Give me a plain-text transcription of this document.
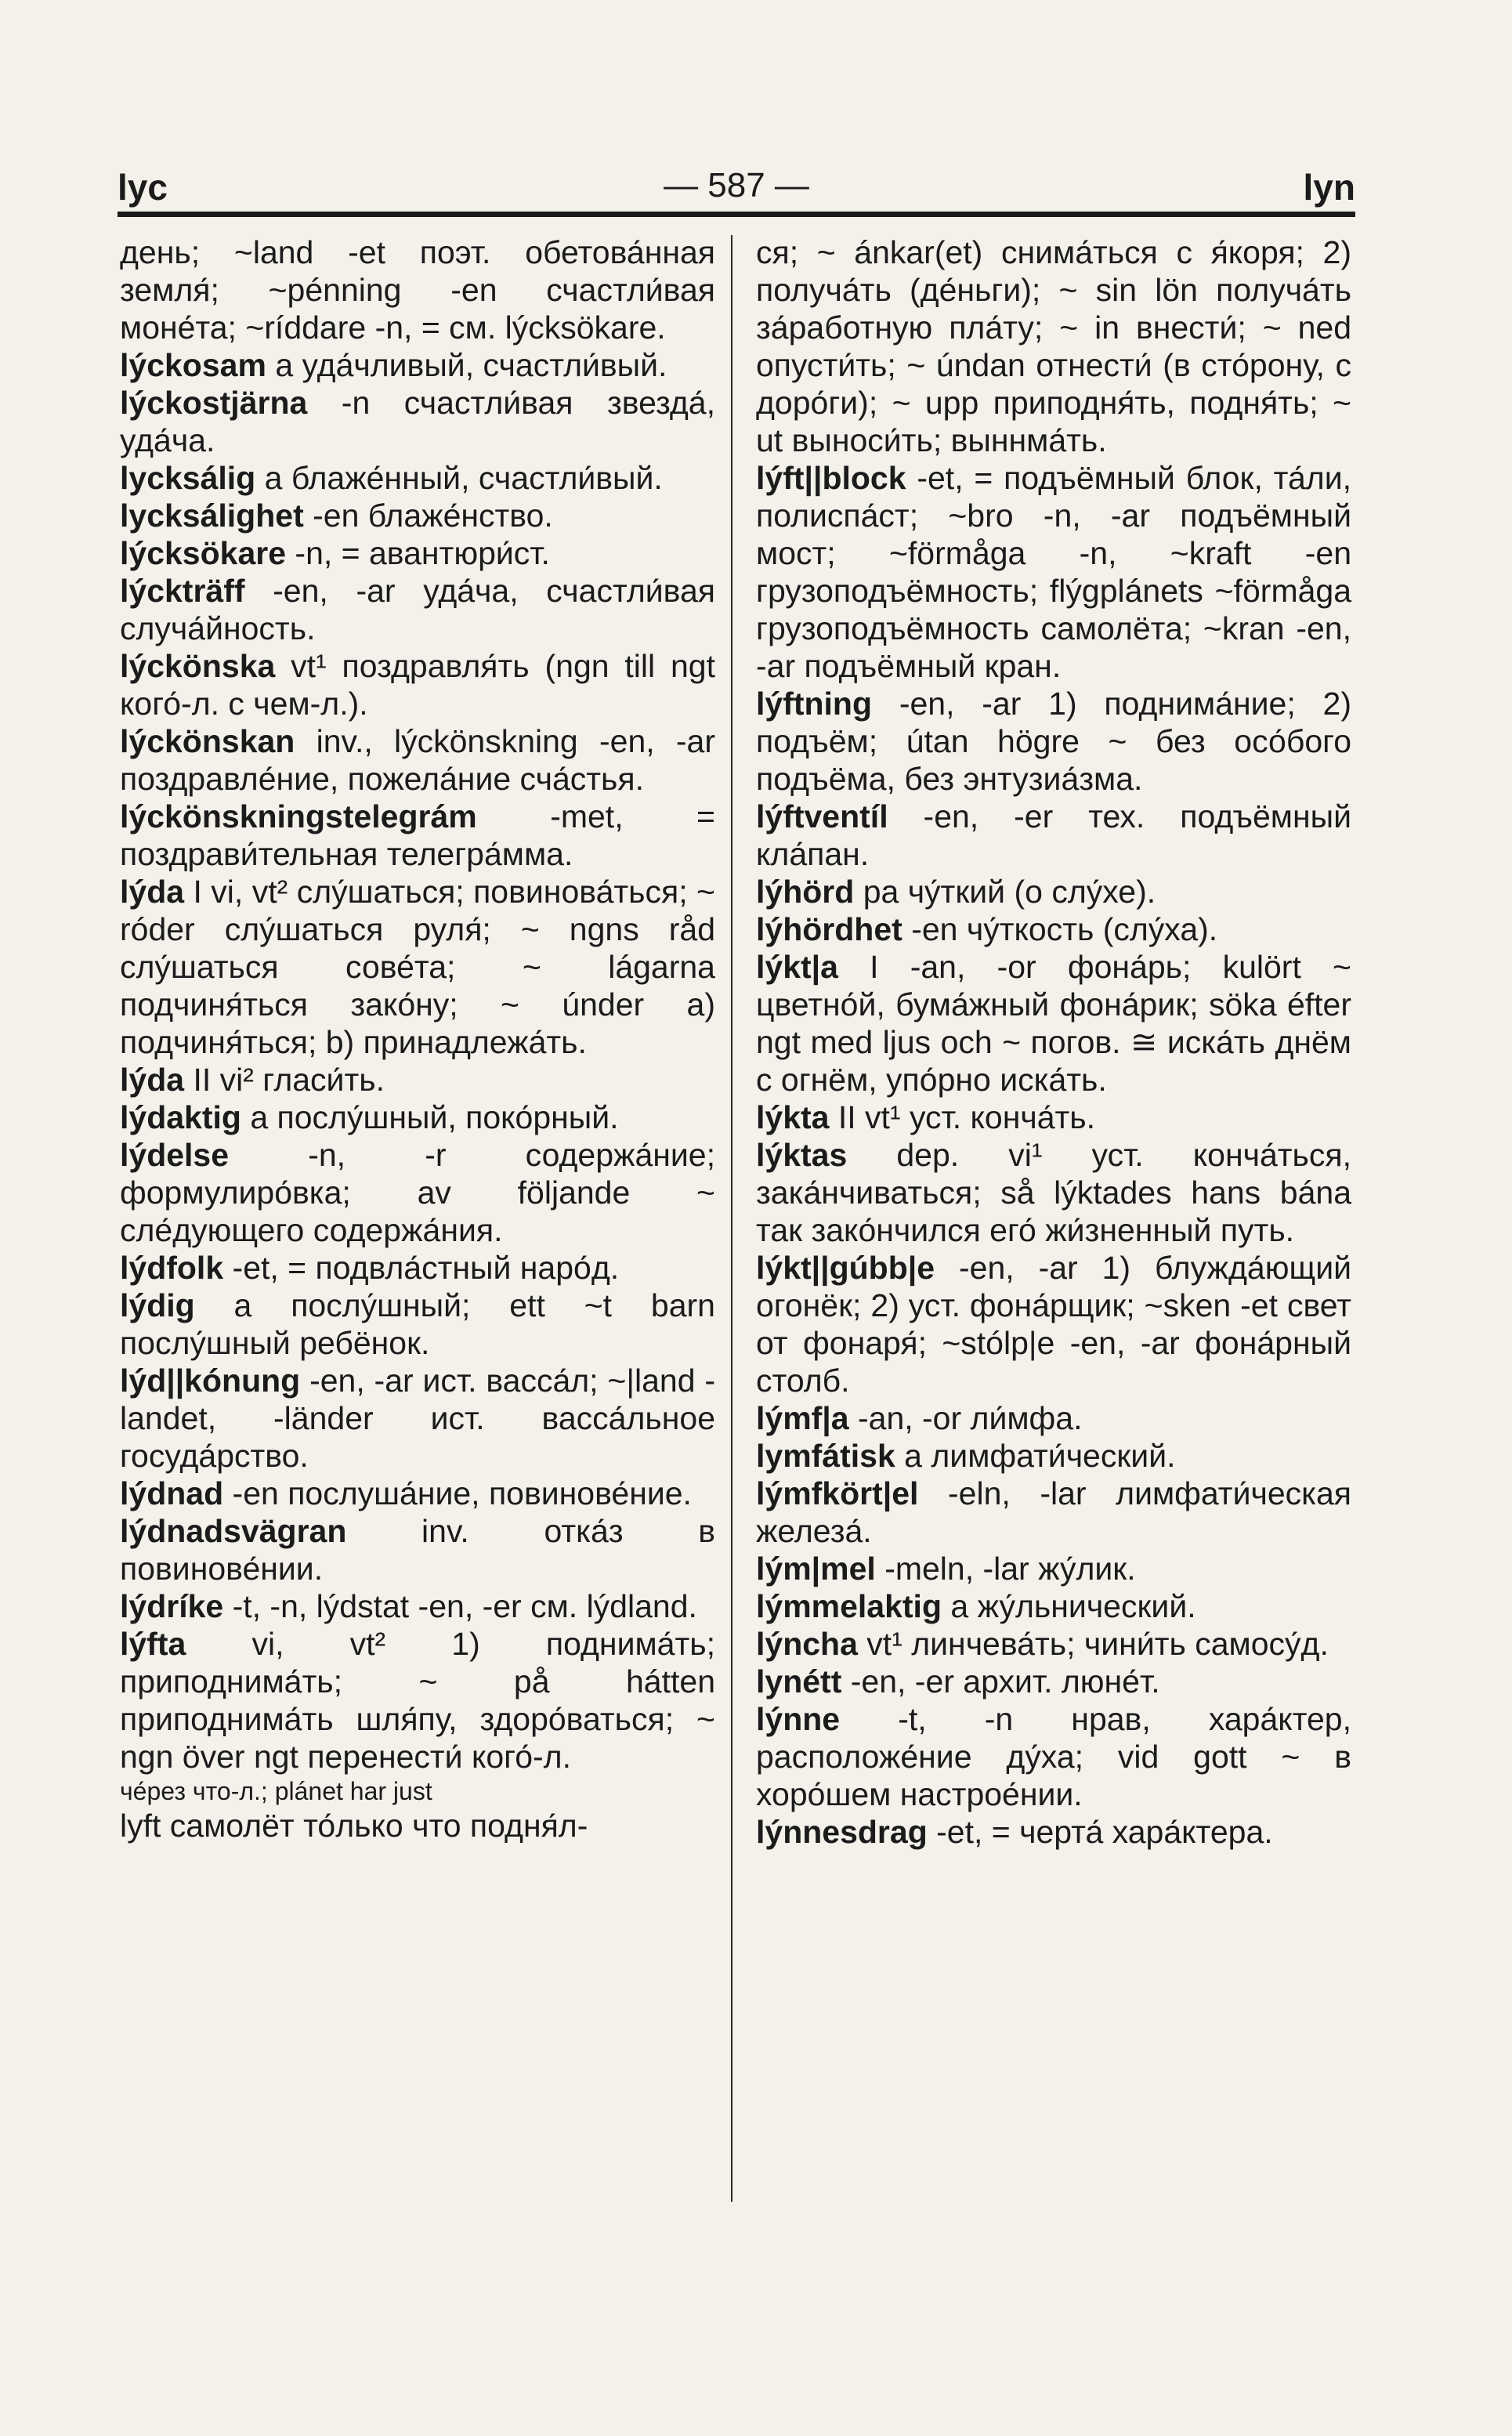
lyc	— 587 —	lyn
день; ~land -et поэт. обетова́нная земля́; ~pénning -en счастли́вая моне́та; ~ríddare -n, = см. lýcksökare.
lýckosam a уда́чливый, счастли́вый.
lýckostjärna -n счастли́вая звезда́, уда́ча.
lycksálig a блаже́нный, счастли́вый.
lycksálighet -en блаже́нство.
lýcksökare -n, = авантюри́ст.
lýckträff -en, -ar уда́ча, счастли́вая случа́йность.
lýckönska vt¹ поздравля́ть (ngn till ngt кого́-л. с чем-л.).
lýckönskan inv., lýckönskning -en, -ar поздравле́ние, пожела́ние сча́стья.
lýckönskningstelegrám -met, = поздрави́тельная телегра́мма.
lýda I vi, vt² слу́шаться; повинова́ться; ~ róder слу́шаться руля́; ~ ngns råd слу́шаться сове́та; ~ lágarna подчиня́ться зако́ну; ~ únder a) подчиня́ться; b) принадлежа́ть.
lýda II vi² гласи́ть.
lýdaktig a послу́шный, поко́рный.
lýdelse -n, -r содержа́ние; формулиро́вка; av följande ~ сле́дующего содержа́ния.
lýdfolk -et, = подвла́стный наро́д.
lýdig a послу́шный; ett ~t barn послу́шный ребёнок.
lýd||kónung -en, -ar ист. васса́л; ~|land -landet, -länder ист. васса́льное госуда́рство.
lýdnad -en послуша́ние, повинове́ние.
lýdnadsvägran inv. отка́з в повинове́нии.
lýdríke -t, -n, lýdstat -en, -er см. lýdland.
lýfta vi, vt² 1) поднима́ть; приподнима́ть; ~ på hátten приподнима́ть шля́пу, здоро́ваться; ~ ngn över ngt перенести́ кого́-л.
че́рез что-л.; plánet har just
lyft самолёт то́лько что подня́л-
ся; ~ ánkar(et) снима́ться с я́коря; 2) получа́ть (де́ньги); ~ sin lön получа́ть за́работную пла́ту; ~ in внести́; ~ ned опусти́ть; ~ úndan отнести́ (в сто́рону, с доро́ги); ~ upp приподня́ть, подня́ть; ~ ut выноси́ть; выннма́ть.
lýft||block -et, = подъёмный блок, та́ли, полиспа́ст; ~bro -n, -ar подъёмный мост; ~förmåga -n, ~kraft -en грузоподъёмность; flýgplánets ~förmåga грузоподъёмность самолёта; ~kran -en, -ar подъёмный кран.
lýftning -en, -ar 1) поднима́ние; 2) подъём; útan högre ~ без осо́бого подъёма, без энтузиа́зма.
lýftventíl -en, -er тех. подъёмный кла́пан.
lýhörd pa чу́ткий (о слу́хе).
lýhördhet -en чу́ткость (слу́ха).
lýkt|a I -an, -or фона́рь; kulört ~ цветно́й, бума́жный фона́рик; söka éfter ngt med ljus och ~ погов. ≅ иска́ть днём с огнём, упо́рно иска́ть.
lýkta II vt¹ уст. конча́ть.
lýktas dep. vi¹ уст. конча́ться, зака́нчиваться; så lýktades hans bána так зако́нчился его́ жи́зненный путь.
lýkt||gúbb|e -en, -ar 1) блужда́ющий огонёк; 2) уст. фона́рщик; ~sken -et свет от фонаря́; ~stólp|e -en, -ar фона́рный столб.
lýmf|a -an, -or ли́мфа.
lymfátisk a лимфати́ческий.
lýmfkört|el -eln, -lar лимфати́ческая железа́.
lým|mel -meln, -lar жу́лик.
lýmmelaktig a жу́льнический.
lýncha vt¹ линчева́ть; чини́ть самосу́д.
lynétt -en, -er архит. люне́т.
lýnne -t, -n нрав, хара́ктер, расположе́ние ду́ха; vid gott ~ в хоро́шем настрое́нии.
lýnnesdrag -et, = черта́ хара́ктера.
